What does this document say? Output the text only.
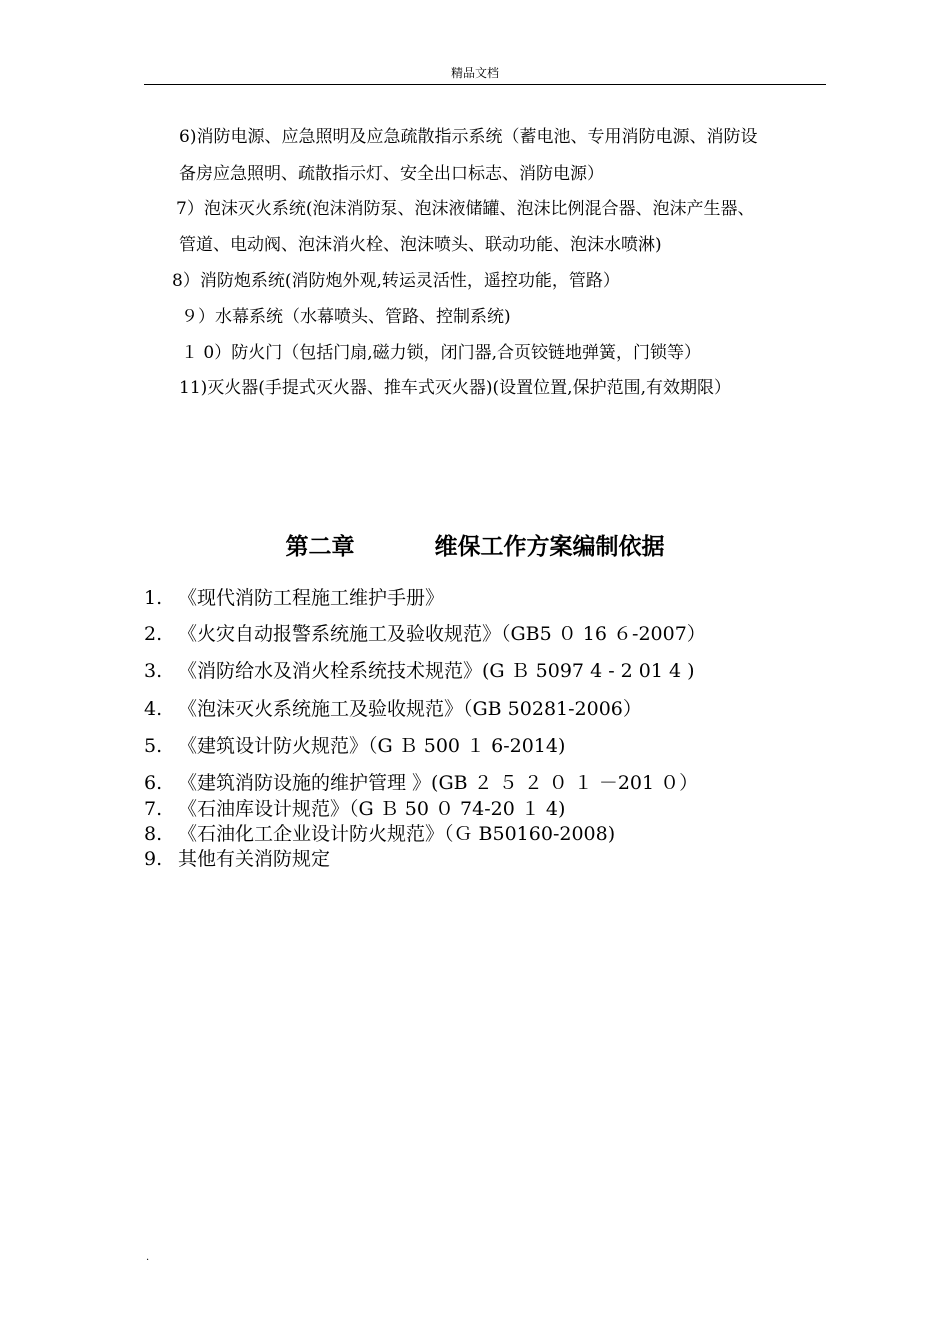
精品文档
6)消防电源、应急照明及应急疏散指示系统（蓄电池、专用消防电源、消防设
备房应急照明、疏散指示灯、安全出口标志、消防电源）
7）泡沫灭火系统(泡沫消防泵、泡沫液储罐、泡沫比例混合器、泡沫产生器、
管道、电动阀、泡沫消火栓、泡沫喷头、联动功能、泡沫水喷淋)
8）消防炮系统(消防炮外观,转运灵活性，遥控功能，管路）
９）水幕系统（水幕喷头、管路、控制系统)
１ 0）防火门（包括门扇,磁力锁，闭门器,合页铰链地弹簧，门锁等）
11)灭火器(手提式灭火器、推车式灭火器)(设置位置,保护范围,有效期限）
第二章          维保工作方案编制依据
1. 《现代消防工程施工维护手册》
2. 《火灾自动报警系统施工及验收规范》（GB5 ０ 16 ６-2007）
3. 《消防给水及消火栓系统技术规范》(G Ｂ 5097 4 - 2 01 4 )
4. 《泡沫灭火系统施工及验收规范》（GB 50281-2006）
5. 《建筑设计防火规范》（G Ｂ 500 １ 6-2014)
6. 《建筑消防设施的维护管理 》(GB ２ ５ ２ ０ １ －201 ０）
7. 《石油库设计规范》（G Ｂ 50 ０ 74-20 １ 4)
8. 《石油化工企业设计防火规范》（Ｇ B50160-2008)
9. 其他有关消防规定
.
